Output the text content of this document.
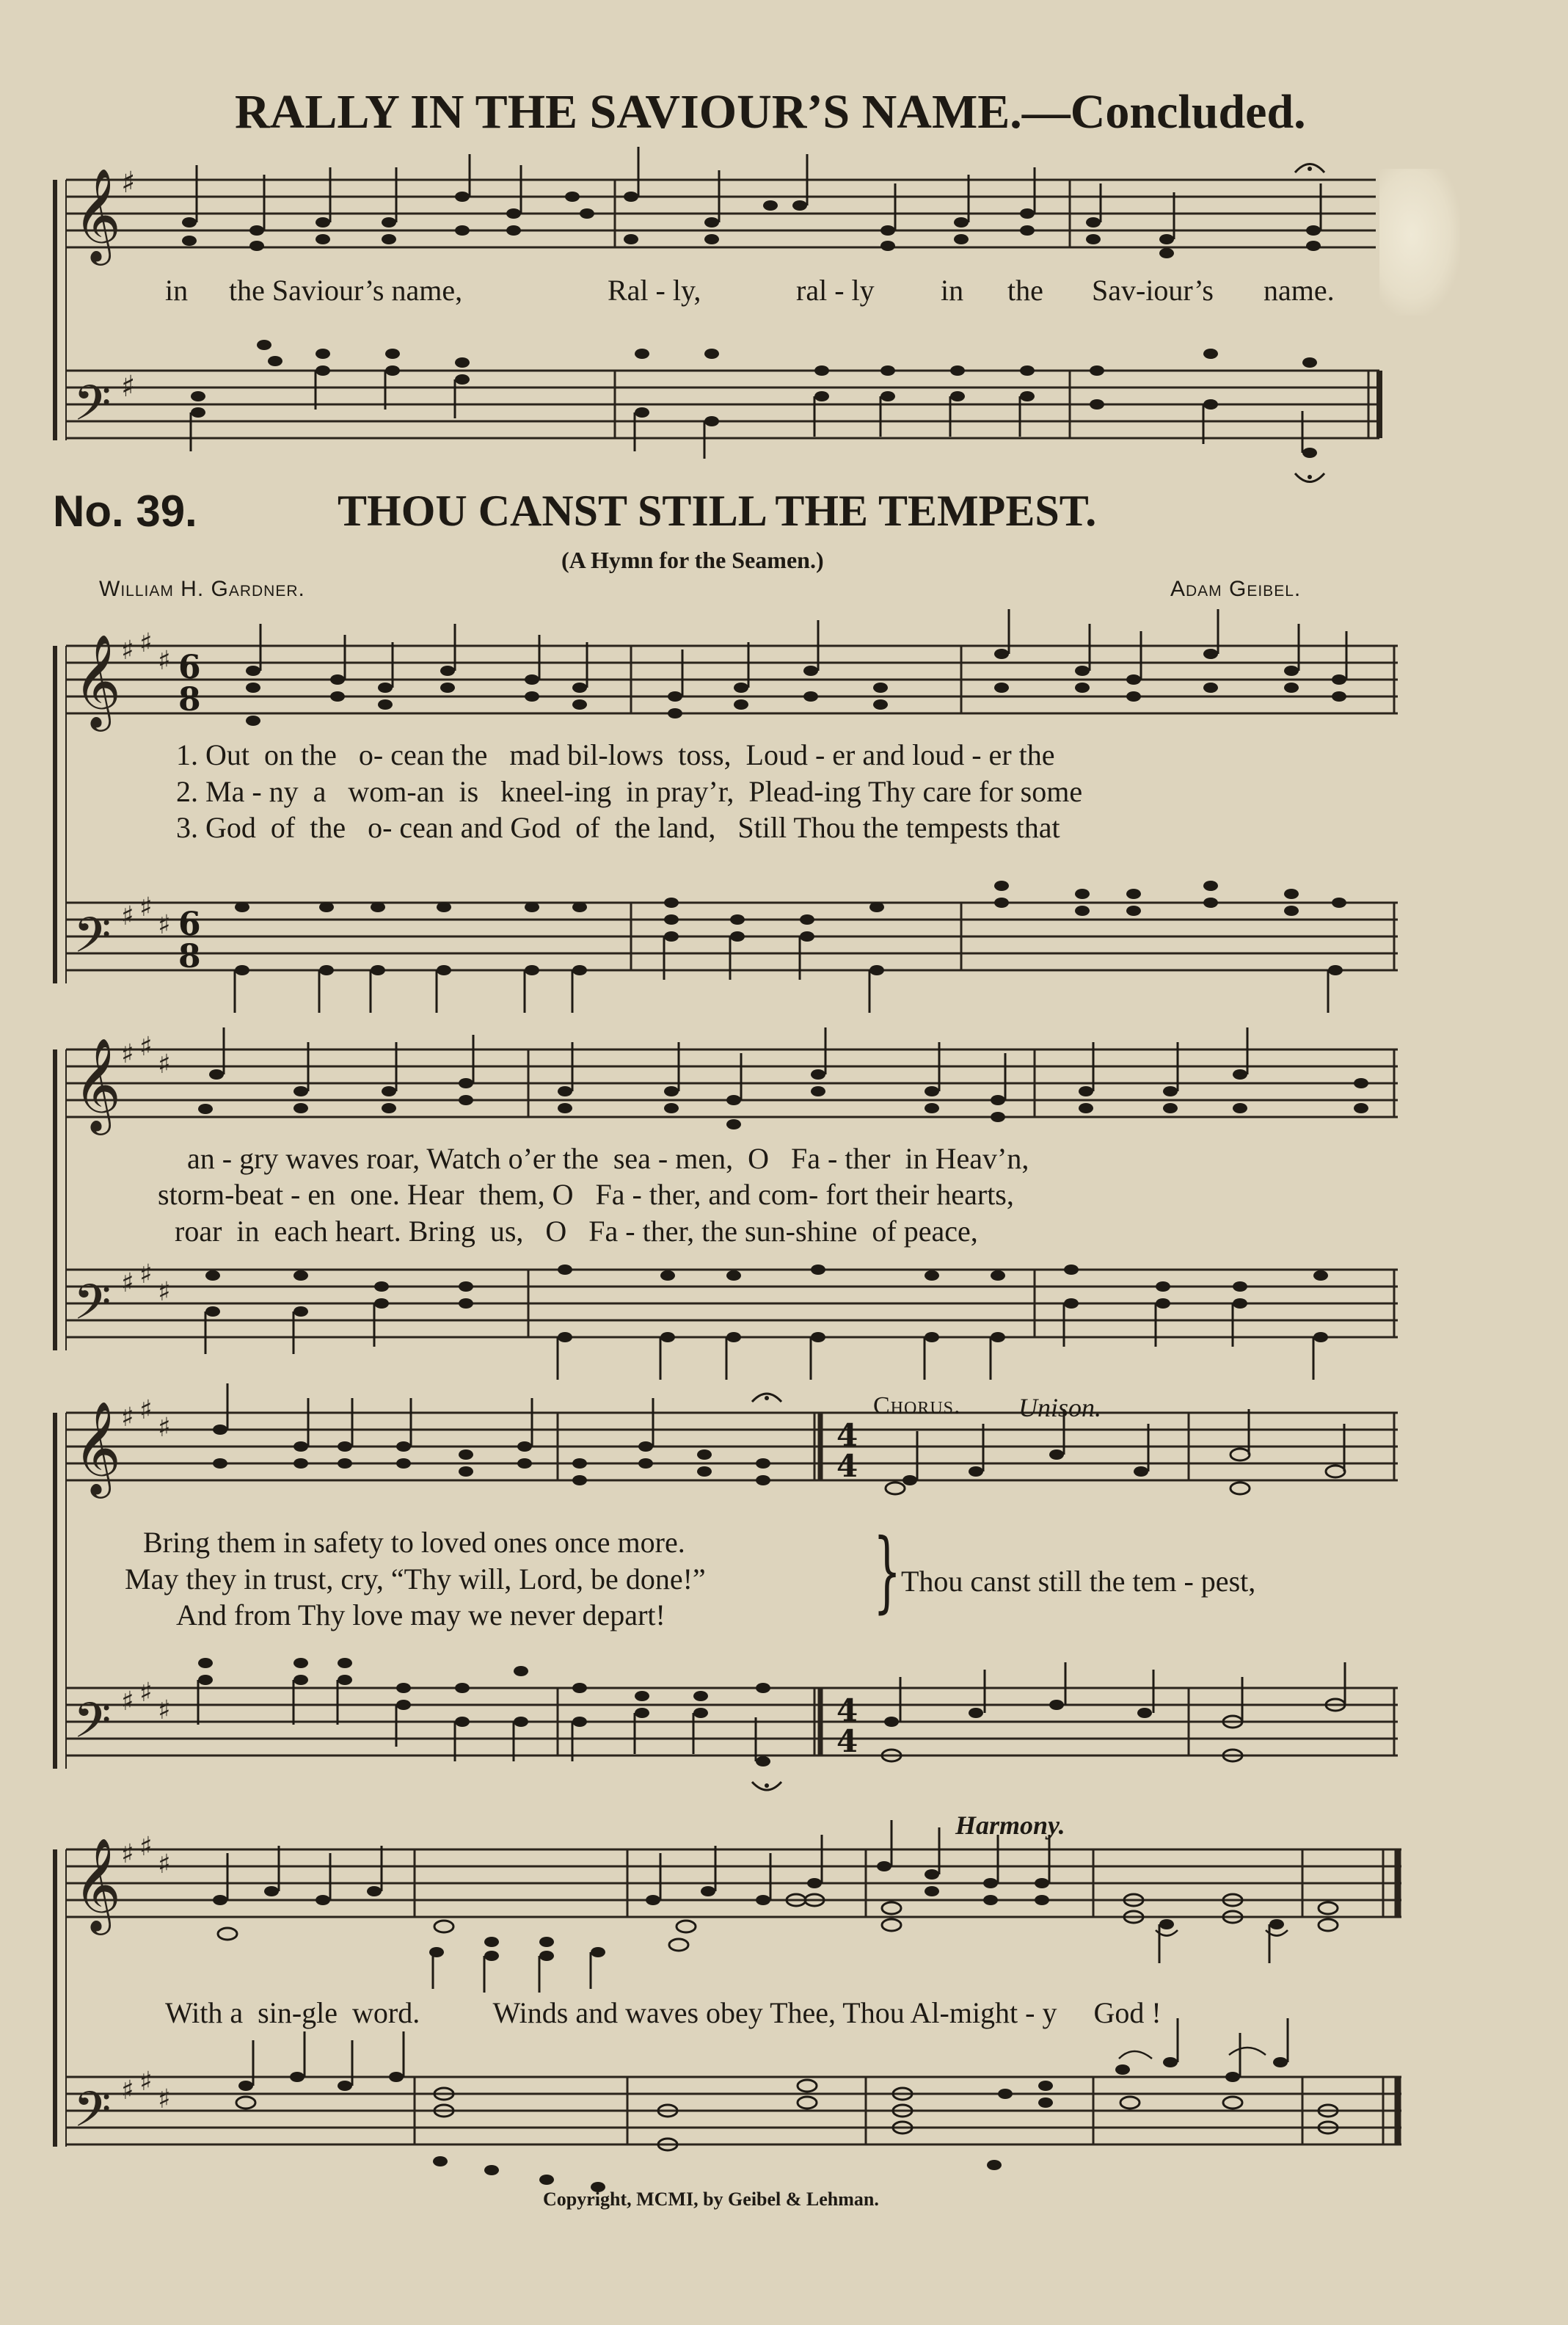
RALLY IN THE SAVIOUR’S NAME.—Concluded.
𝄞
𝄢
♯
♯
in the Saviour’s name,	Ral - ly,	ral - ly in the Sav-iour’s name.
No. 39.	THOU CANST STILL THE TEMPEST.
(A Hymn for the Seamen.)
William H. Gardner.	Adam Geibel.
𝄞
𝄢
♯ ♯
♯
♯ ♯
♯
6
8
6
8
1. Out  on the   o- cean the   mad bil-lows  toss,  Loud - er and loud - er the
2. Ma - ny  a   wom-an  is   kneel-ing  in pray’r,  Plead-ing Thy care for some
3. God  of  the   o- cean and God  of  the land,   Still Thou the tempests that
𝄞
𝄢
♯ ♯
♯
♯ ♯
♯
an - gry waves roar, Watch o’er the  sea - men,  O   Fa - ther  in Heav’n,
storm-beat - en  one. Hear  them, O   Fa - ther, and com- fort their hearts,
roar  in  each heart. Bring  us,   O   Fa - ther, the sun-shine  of peace,
𝄞
𝄢
♯ ♯
♯
♯ ♯
♯
4
4
4
4
Chorus. Unison.
Bring them in safety to loved ones once more.
May they in trust, cry, “Thy will, Lord, be done!”
And from Thy love may we never depart! } Thou canst still the tem - pest,
𝄞
𝄢
♯ ♯
♯
♯ ♯
♯
Harmony.
With a  sin-gle  word.          Winds and waves obey Thee, Thou Al-might - y     God !
Copyright, MCMI, by Geibel & Lehman.
